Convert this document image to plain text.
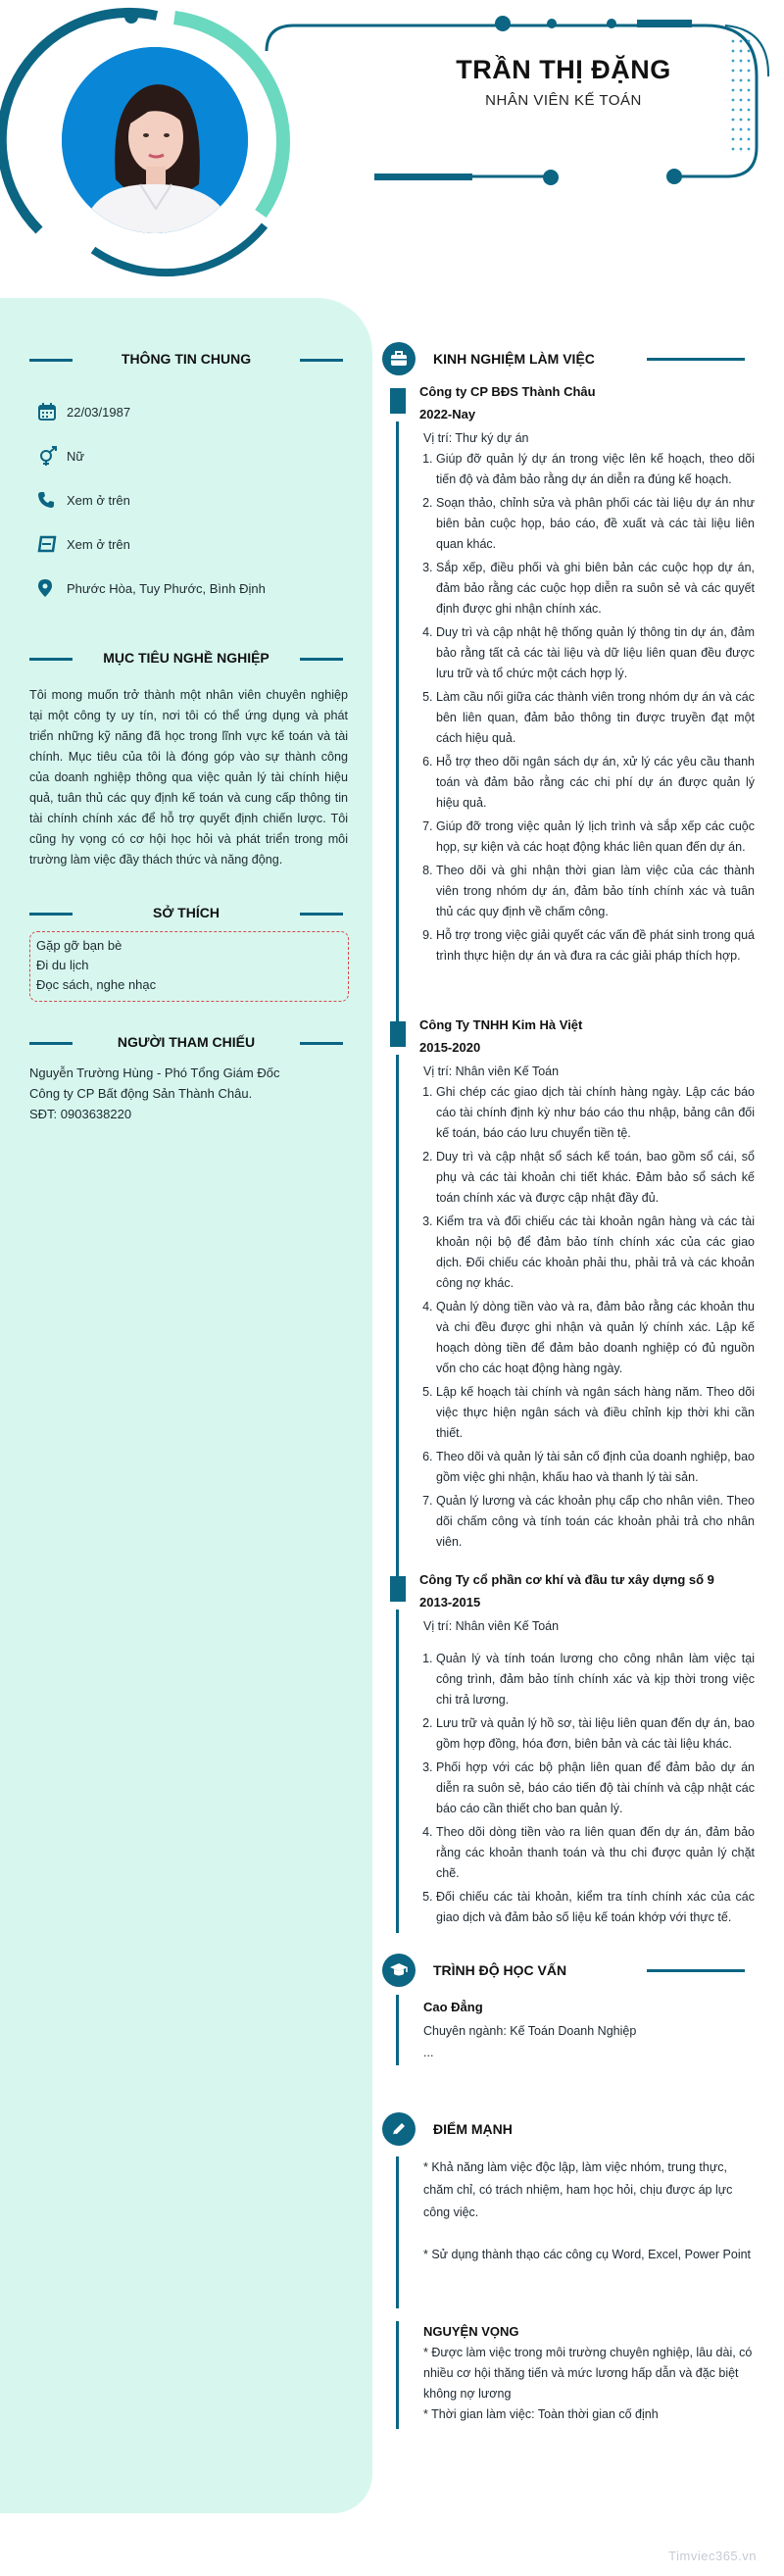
TRẦN THỊ ĐẶNG
NHÂN VIÊN KẾ TOÁN
THÔNG TIN CHUNG
22/03/1987
Nữ
Xem ở trên
Xem ở trên
Phước Hòa, Tuy Phước, Bình Định
MỤC TIÊU NGHỀ NGHIỆP
Tôi mong muốn trở thành một nhân viên chuyên nghiệp tại một công ty uy tín, nơi tôi có thể ứng dụng và phát triển những kỹ năng đã học trong lĩnh vực kế toán và tài chính. Mục tiêu của tôi là đóng góp vào sự thành công của doanh nghiệp thông qua việc quản lý tài chính hiệu quả, tuân thủ các quy định kế toán và cung cấp thông tin tài chính chính xác để hỗ trợ quyết định chiến lược. Tôi cũng hy vọng có cơ hội học hỏi và phát triển trong môi trường làm việc đầy thách thức và năng động.
SỞ THÍCH
Gặp gỡ bạn bè
Đi du lịch
Đọc sách, nghe nhạc
NGƯỜI THAM CHIẾU
Nguyễn Trường Hùng - Phó Tổng Giám Đốc
Công ty CP Bất động Sản Thành Châu.
SĐT: 0903638220
KINH NGHIỆM LÀM VIỆC
Công ty CP BĐS Thành Châu
2022-Nay
Vị trí: Thư ký dự án
1. Giúp đỡ quản lý dự án trong việc lên kế hoạch, theo dõi tiến độ và đảm bảo rằng dự án diễn ra đúng kế hoạch.
2. Soạn thảo, chỉnh sửa và phân phối các tài liệu dự án như biên bản cuộc họp, báo cáo, đề xuất và các tài liệu liên quan khác.
3. Sắp xếp, điều phối và ghi biên bản các cuộc họp dự án, đảm bảo rằng các cuộc họp diễn ra suôn sẻ và các quyết định được ghi nhận chính xác.
4. Duy trì và cập nhật hệ thống quản lý thông tin dự án, đảm bảo rằng tất cả các tài liệu và dữ liệu liên quan đều được lưu trữ và tổ chức một cách hợp lý.
5. Làm cầu nối giữa các thành viên trong nhóm dự án và các bên liên quan, đảm bảo thông tin được truyền đạt một cách hiệu quả.
6. Hỗ trợ theo dõi ngân sách dự án, xử lý các yêu cầu thanh toán và đảm bảo rằng các chi phí dự án được quản lý hiệu quả.
7. Giúp đỡ trong việc quản lý lịch trình và sắp xếp các cuộc họp, sự kiện và các hoạt động khác liên quan đến dự án.
8. Theo dõi và ghi nhận thời gian làm việc của các thành viên trong nhóm dự án, đảm bảo tính chính xác và tuân thủ các quy định về chấm công.
9. Hỗ trợ trong việc giải quyết các vấn đề phát sinh trong quá trình thực hiện dự án và đưa ra các giải pháp thích hợp.
Công Ty TNHH Kim Hà Việt
2015-2020
Vị trí: Nhân viên Kế Toán
1. Ghi chép các giao dịch tài chính hàng ngày. Lập các báo cáo tài chính định kỳ như báo cáo thu nhập, bảng cân đối kế toán, báo cáo lưu chuyển tiền tệ.
2. Duy trì và cập nhật sổ sách kế toán, bao gồm sổ cái, sổ phụ và các tài khoản chi tiết khác. Đảm bảo sổ sách kế toán chính xác và được cập nhật đầy đủ.
3. Kiểm tra và đối chiếu các tài khoản ngân hàng và các tài khoản nội bộ để đảm bảo tính chính xác của các giao dịch. Đối chiếu các khoản phải thu, phải trả và các khoản công nợ khác.
4. Quản lý dòng tiền vào và ra, đảm bảo rằng các khoản thu và chi đều được ghi nhận và quản lý chính xác. Lập kế hoạch dòng tiền để đảm bảo doanh nghiệp có đủ nguồn vốn cho các hoạt động hàng ngày.
5. Lập kế hoạch tài chính và ngân sách hàng năm. Theo dõi việc thực hiện ngân sách và điều chỉnh kịp thời khi cần thiết.
6. Theo dõi và quản lý tài sản cố định của doanh nghiệp, bao gồm việc ghi nhận, khấu hao và thanh lý tài sản.
7. Quản lý lương và các khoản phụ cấp cho nhân viên. Theo dõi chấm công và tính toán các khoản phải trả cho nhân viên.
Công Ty cổ phần cơ khí và đầu tư xây dựng số 9
2013-2015
Vị trí: Nhân viên Kế Toán
1. Quản lý và tính toán lương cho công nhân làm việc tại công trình, đảm bảo tính chính xác và kịp thời trong việc chi trả lương.
2. Lưu trữ và quản lý hồ sơ, tài liệu liên quan đến dự án, bao gồm hợp đồng, hóa đơn, biên bản và các tài liệu khác.
3. Phối hợp với các bộ phận liên quan để đảm bảo dự án diễn ra suôn sẻ, báo cáo tiến độ tài chính và cập nhật các báo cáo cần thiết cho ban quản lý.
4. Theo dõi dòng tiền vào ra liên quan đến dự án, đảm bảo rằng các khoản thanh toán và thu chi được quản lý chặt chẽ.
5. Đối chiếu các tài khoản, kiểm tra tính chính xác của các giao dịch và đảm bảo số liệu kế toán khớp với thực tế.
TRÌNH ĐỘ HỌC VẤN
Cao Đẳng
Chuyên ngành: Kế Toán Doanh Nghiệp
...
ĐIỂM MẠNH

* Khả năng làm việc độc lập, làm việc nhóm, trung thực, chăm chỉ, có trách nhiệm, ham học hỏi, chịu được áp lực công việc.

* Sử dụng thành thạo các công cụ Word, Excel, Power Point

NGUYỆN VỌNG

* Được làm việc trong môi trường chuyên nghiệp, lâu dài, có nhiều cơ hội thăng tiến và mức lương hấp dẫn và đặc biệt không nợ lương

* Thời gian làm việc: Toàn thời gian cố định

Timviec365.vn
